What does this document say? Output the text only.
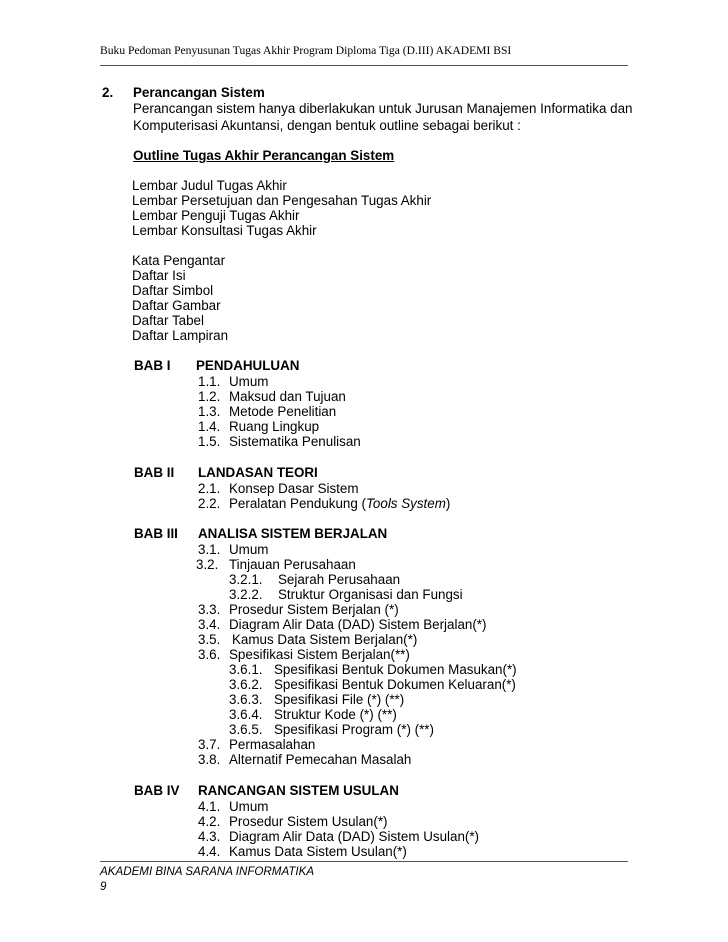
Buku Pedoman Penyusunan Tugas Akhir Program Diploma Tiga (D.III) AKADEMI BSI
2. Perancangan Sistem
Perancangan sistem hanya diberlakukan untuk Jurusan Manajemen Informatika dan
Komputerisasi Akuntansi, dengan bentuk outline sebagai berikut :
Outline Tugas Akhir Perancangan Sistem
Lembar Judul Tugas Akhir
Lembar Persetujuan dan Pengesahan Tugas Akhir
Lembar Penguji Tugas Akhir
Lembar Konsultasi Tugas Akhir
Kata Pengantar
Daftar Isi
Daftar Simbol
Daftar Gambar
Daftar Tabel
Daftar Lampiran
BAB I PENDAHULUAN
1.1. Umum
1.2. Maksud dan Tujuan
1.3. Metode Penelitian
1.4. Ruang Lingkup
1.5. Sistematika Penulisan
BAB II LANDASAN TEORI
2.1. Konsep Dasar Sistem
2.2. Peralatan Pendukung (Tools System)
BAB III ANALISA SISTEM BERJALAN
3.1. Umum
3.2. Tinjauan Perusahaan
3.2.1. Sejarah Perusahaan
3.2.2. Struktur Organisasi dan Fungsi
3.3. Prosedur Sistem Berjalan (*)
3.4. Diagram Alir Data (DAD) Sistem Berjalan(*)
3.5. Kamus Data Sistem Berjalan(*)
3.6. Spesifikasi Sistem Berjalan(**)
3.6.1. Spesifikasi Bentuk Dokumen Masukan(*)
3.6.2. Spesifikasi Bentuk Dokumen Keluaran(*)
3.6.3. Spesifikasi File (*) (**)
3.6.4. Struktur Kode (*) (**)
3.6.5. Spesifikasi Program (*) (**)
3.7. Permasalahan
3.8. Alternatif Pemecahan Masalah
BAB IV RANCANGAN SISTEM USULAN
4.1. Umum
4.2. Prosedur Sistem Usulan(*)
4.3. Diagram Alir Data (DAD) Sistem Usulan(*)
4.4. Kamus Data Sistem Usulan(*)
AKADEMI BINA SARANA INFORMATIKA
9
